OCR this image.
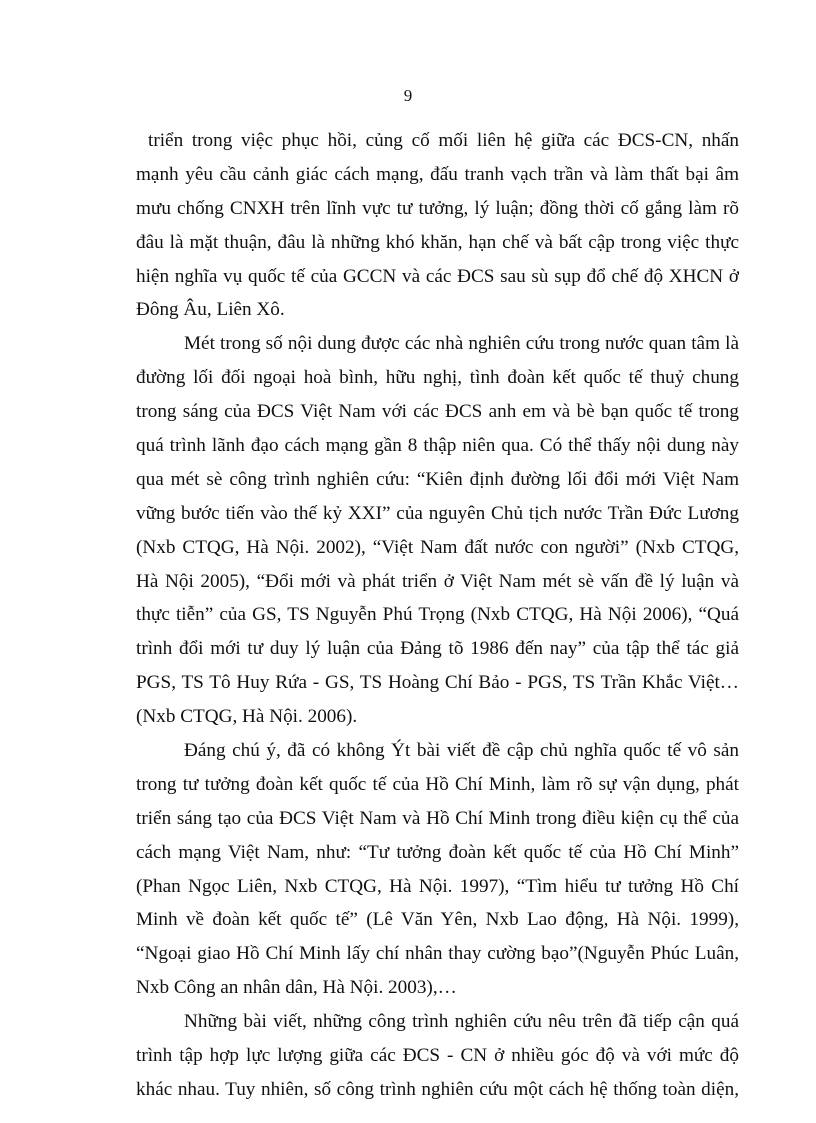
9
triển trong việc phục hồi, củng cố mối liên hệ giữa các ĐCS-CN, nhấn
mạnh yêu cầu cảnh giác cách mạng, đấu tranh vạch trần và làm thất bại âm
mưu chống CNXH trên lĩnh vực tư tưởng, lý luận; đồng thời cố gắng làm rõ
đâu là mặt thuận, đâu là những khó khăn, hạn chế và bất cập trong việc thực
hiện nghĩa vụ quốc tế của GCCN và các ĐCS sau sù sụp đổ chế độ XHCN ở
Đông Âu, Liên Xô.
Mét trong số nội dung được các nhà nghiên cứu trong nước quan tâm là
đường lối đối ngoại hoà bình, hữu nghị, tình đoàn kết quốc tế thuỷ chung
trong sáng của ĐCS Việt Nam với các ĐCS anh em và bè bạn quốc tế trong
quá trình lãnh đạo cách mạng gần 8 thập niên qua. Có thể thấy nội dung này
qua mét sè công trình nghiên cứu: “Kiên định đường lối đổi mới Việt Nam
vững bước tiến vào thế kỷ XXI” của nguyên Chủ tịch nước Trần Đức Lương
(Nxb CTQG, Hà Nội. 2002), “Việt Nam đất nước con người” (Nxb CTQG,
Hà Nội 2005), “Đổi mới và phát triển ở Việt Nam mét sè vấn đề lý luận và
thực tiễn” của GS, TS Nguyễn Phú Trọng (Nxb CTQG, Hà Nội 2006), “Quá
trình đổi mới tư duy lý luận của Đảng tõ 1986 đến nay” của tập thể tác giả
PGS, TS Tô Huy Rứa - GS, TS Hoàng Chí Bảo - PGS, TS Trần Khắc Việt…
(Nxb CTQG, Hà Nội. 2006).
Đáng chú ý, đã có không Ýt bài viết đề cập chủ nghĩa quốc tế vô sản
trong tư tưởng đoàn kết quốc tế của Hồ Chí Minh, làm rõ sự vận dụng, phát
triển sáng tạo của ĐCS Việt Nam và Hồ Chí Minh trong điều kiện cụ thể của
cách mạng Việt Nam, như: “Tư tưởng đoàn kết quốc tế của Hồ Chí Minh”
(Phan Ngọc Liên, Nxb CTQG, Hà Nội. 1997), “Tìm hiểu tư tưởng Hồ Chí
Minh về đoàn kết quốc tế” (Lê Văn Yên, Nxb Lao động, Hà Nội. 1999),
“Ngoại giao Hồ Chí Minh lấy chí nhân thay cường bạo”(Nguyễn Phúc Luân,
Nxb Công an nhân dân, Hà Nội. 2003),…
Những bài viết, những công trình nghiên cứu nêu trên đã tiếp cận quá
trình tập hợp lực lượng giữa các ĐCS - CN ở nhiều góc độ và với mức độ
khác nhau. Tuy nhiên, số công trình nghiên cứu một cách hệ thống toàn diện,
